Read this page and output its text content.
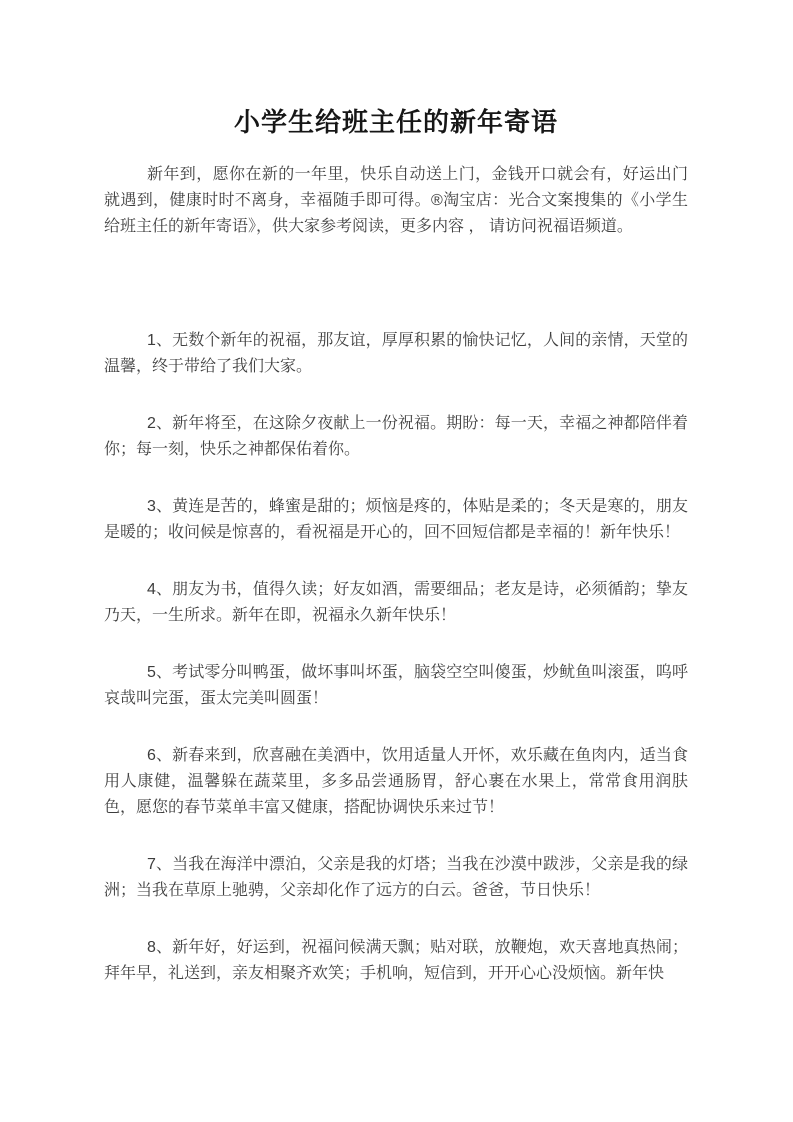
小学生给班主任的新年寄语

新年到，愿你在新的一年里，快乐自动送上门，金钱开口就会有，好运出门就遇到，健康时时不离身，幸福随手即可得。®淘宝店：光合文案搜集的《小学生给班主任的新年寄语》，供大家参考阅读，更多内容 ， 请访问祝福语频道。

1、无数个新年的祝福，那友谊，厚厚积累的愉快记忆，人间的亲情，天堂的温馨，终于带给了我们大家。

2、新年将至，在这除夕夜献上一份祝福。期盼：每一天，幸福之神都陪伴着你；每一刻，快乐之神都保佑着你。

3、黄连是苦的，蜂蜜是甜的；烦恼是疼的，体贴是柔的；冬天是寒的，朋友是暖的；收问候是惊喜的，看祝福是开心的，回不回短信都是幸福的！新年快乐！

4、朋友为书，值得久读；好友如酒，需要细品；老友是诗，必须循韵；挚友乃天，一生所求。新年在即，祝福永久新年快乐！

5、考试零分叫鸭蛋，做坏事叫坏蛋，脑袋空空叫傻蛋，炒鱿鱼叫滚蛋，呜呼哀哉叫完蛋，蛋太完美叫圆蛋！

6、新春来到，欣喜融在美酒中，饮用适量人开怀，欢乐藏在鱼肉内，适当食用人康健，温馨躲在蔬菜里，多多品尝通肠胃，舒心裹在水果上，常常食用润肤色，愿您的春节菜单丰富又健康，搭配协调快乐来过节！

7、当我在海洋中漂泊，父亲是我的灯塔；当我在沙漠中跋涉，父亲是我的绿洲；当我在草原上驰骋，父亲却化作了远方的白云。爸爸，节日快乐！

8、新年好，好运到，祝福问候满天飘；贴对联，放鞭炮，欢天喜地真热闹；拜年早，礼送到，亲友相聚齐欢笑；手机响，短信到，开开心心没烦恼。新年快
